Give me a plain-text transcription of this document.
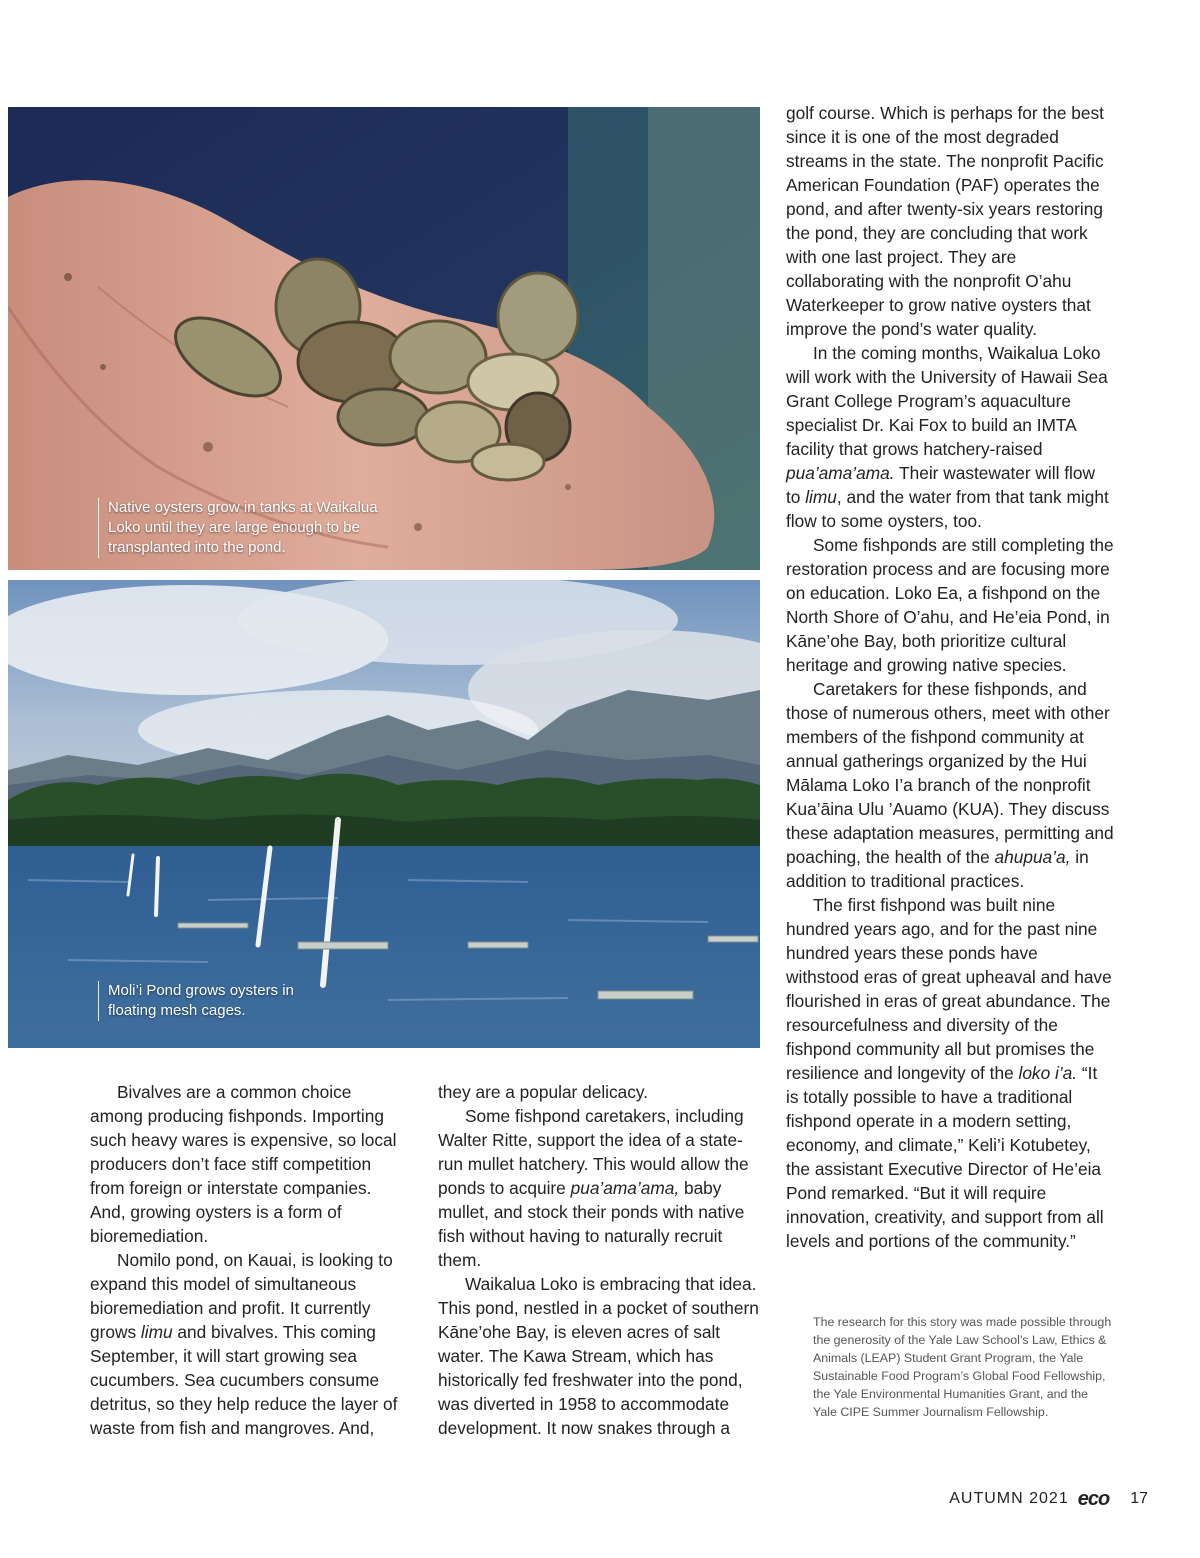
Native oysters grow in tanks at Waikalua Loko until they are large enough to be transplanted into the pond.
Moli’i Pond grows oysters in floating mesh cages.

Bivalves are a common choice among producing fishponds. Importing such heavy wares is expensive, so local producers don’t face stiff competition from foreign or interstate companies. And, growing oysters is a form of bioremediation.

Nomilo pond, on Kauai, is looking to expand this model of simultaneous bioremediation and profit. It currently grows limu and bivalves. This coming September, it will start growing sea cucumbers. Sea cucumbers consume detritus, so they help reduce the layer of waste from fish and mangroves. And,

they are a popular delicacy.

Some fishpond caretakers, including Walter Ritte, support the idea of a state-run mullet hatchery. This would allow the ponds to acquire pua’ama’ama, baby mullet, and stock their ponds with native fish without having to naturally recruit them.

Waikalua Loko is embracing that idea. This pond, nestled in a pocket of southern Kāne’ohe Bay, is eleven acres of salt water. The Kawa Stream, which has historically fed freshwater into the pond, was diverted in 1958 to accommodate development. It now snakes through a

golf course. Which is perhaps for the best since it is one of the most degraded streams in the state. The nonprofit Pacific American Foundation (PAF) operates the pond, and after twenty-six years restoring the pond, they are concluding that work with one last project. They are collaborating with the nonprofit O’ahu Waterkeeper to grow native oysters that improve the pond’s water quality.

In the coming months, Waikalua Loko will work with the University of Hawaii Sea Grant College Program’s aquaculture specialist Dr. Kai Fox to build an IMTA facility that grows hatchery-raised pua’ama’ama. Their wastewater will flow to limu, and the water from that tank might flow to some oysters, too.

Some fishponds are still completing the restoration process and are focusing more on education. Loko Ea, a fishpond on the North Shore of O’ahu, and He’eia Pond, in Kāne’ohe Bay, both prioritize cultural heritage and growing native species.

Caretakers for these fishponds, and those of numerous others, meet with other members of the fishpond community at annual gatherings organized by the Hui Mālama Loko I’a branch of the nonprofit Kua’āina Ulu ’Auamo (KUA). They discuss these adaptation measures, permitting and poaching, the health of the ahupua’a, in addition to traditional practices.

The first fishpond was built nine hundred years ago, and for the past nine hundred years these ponds have withstood eras of great upheaval and have flourished in eras of great abundance. The resourcefulness and diversity of the fishpond community all but promises the resilience and longevity of the loko i’a. “It is totally possible to have a traditional fishpond operate in a modern setting, economy, and climate,” Keli’i Kotubetey, the assistant Executive Director of He’eia Pond remarked. “But it will require innovation, creativity, and support from all levels and portions of the community.”

The research for this story was made possible through the generosity of the Yale Law School’s Law, Ethics & Animals (LEAP) Student Grant Program, the Yale Sustainable Food Program’s Global Food Fellowship, the Yale Environmental Humanities Grant, and the Yale CIPE Summer Journalism Fellowship.
AUTUMN 2021 eco 17
